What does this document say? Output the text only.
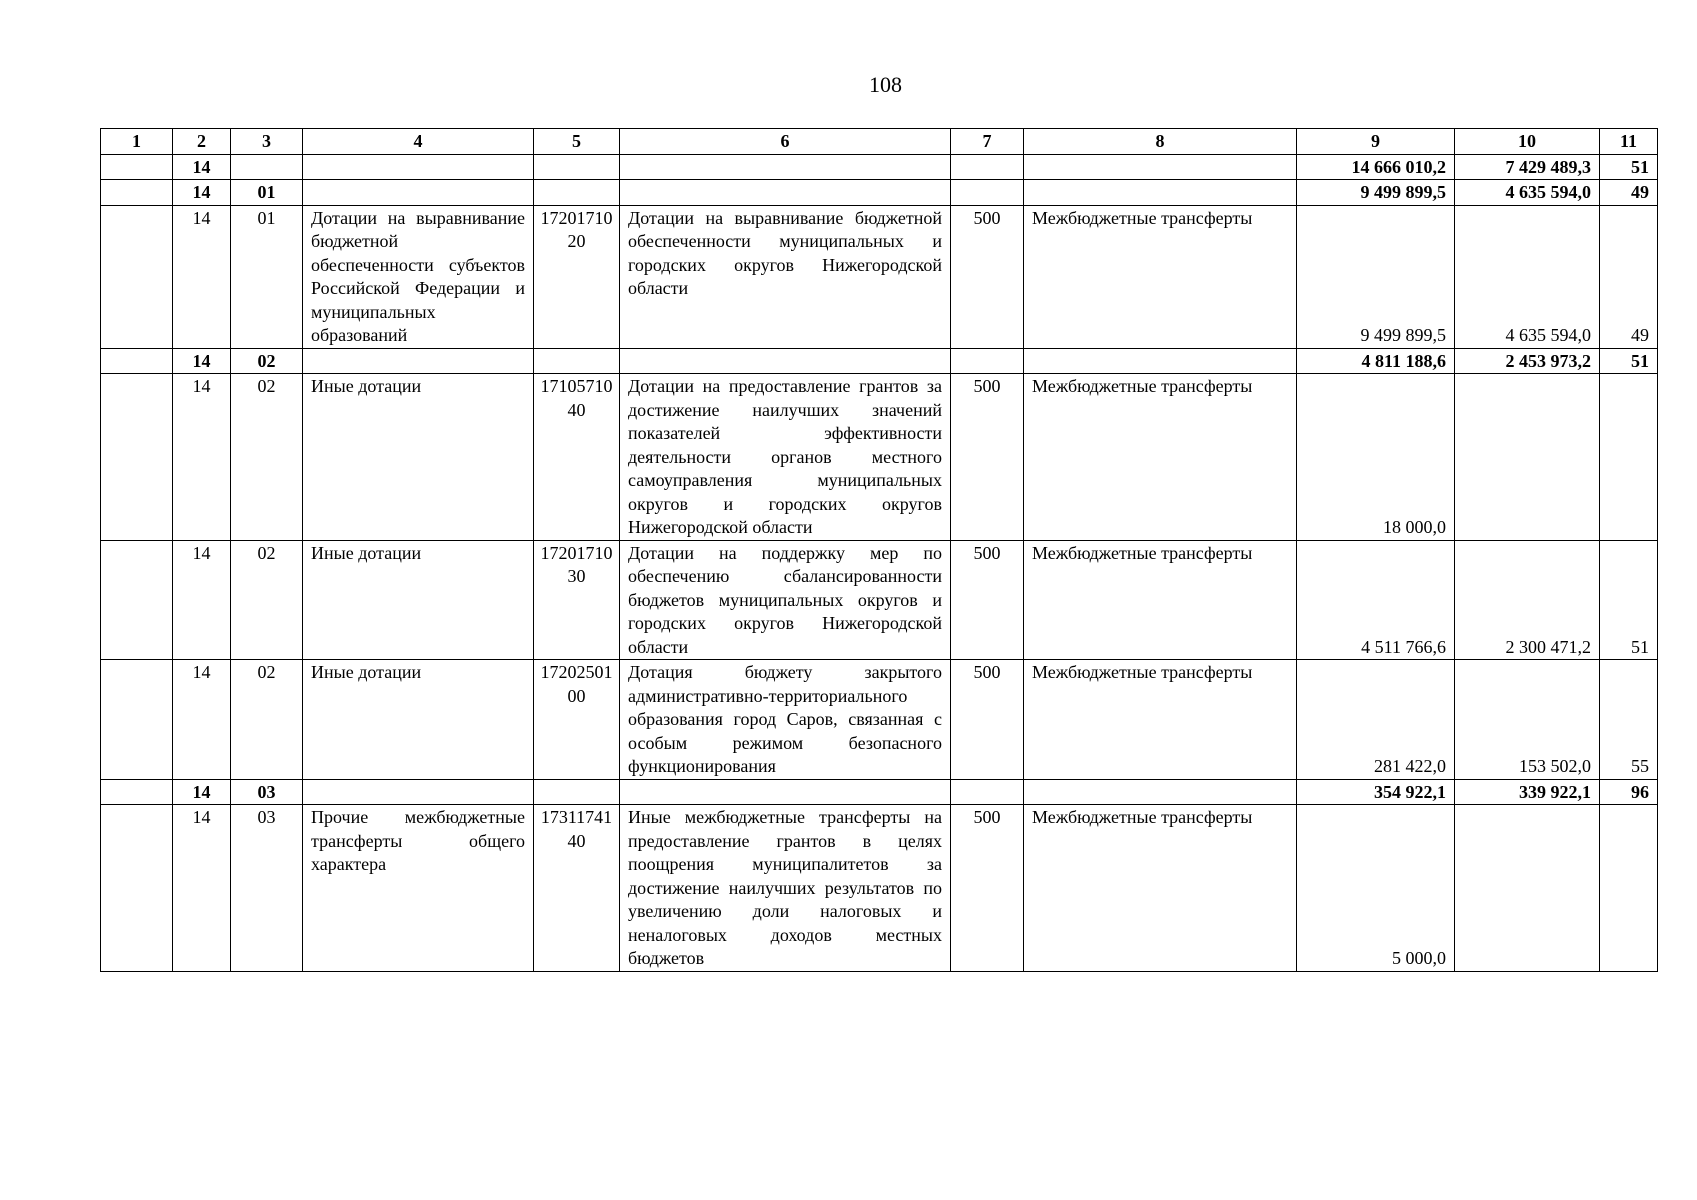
108
1	2	3	4	5	6	7	8	9	10	11
	14							14 666 010,2	7 429 489,3	51
	14	01						9 499 899,5	4 635 594,0	49
	14	01	Дотации на выравнивание бюджетной обеспеченности субъектов Российской Федерации и муниципальных образований	1720171020	Дотации на выравнивание бюджетной обеспеченности муниципальных и городских округов Нижегородской области	500	Межбюджетные трансферты	9 499 899,5	4 635 594,0	49
	14	02						4 811 188,6	2 453 973,2	51
	14	02	Иные дотации	1710571040	Дотации на предоставление грантов за достижение наилучших значений показателей эффективности деятельности органов местного самоуправления муниципальных округов и городских округов Нижегородской области	500	Межбюджетные трансферты	18 000,0		
	14	02	Иные дотации	1720171030	Дотации на поддержку мер по обеспечению сбалансированности бюджетов муниципальных округов и городских округов Нижегородской области	500	Межбюджетные трансферты	4 511 766,6	2 300 471,2	51
	14	02	Иные дотации	1720250100	Дотация бюджету закрытого административно-территориального образования город Саров, связанная с особым режимом безопасного функционирования	500	Межбюджетные трансферты	281 422,0	153 502,0	55
	14	03						354 922,1	339 922,1	96
	14	03	Прочие межбюджетные трансферты общего характера	1731174140	Иные межбюджетные трансферты на предоставление грантов в целях поощрения муниципалитетов за достижение наилучших результатов по увеличению доли налоговых и неналоговых доходов местных бюджетов	500	Межбюджетные трансферты	5 000,0		
